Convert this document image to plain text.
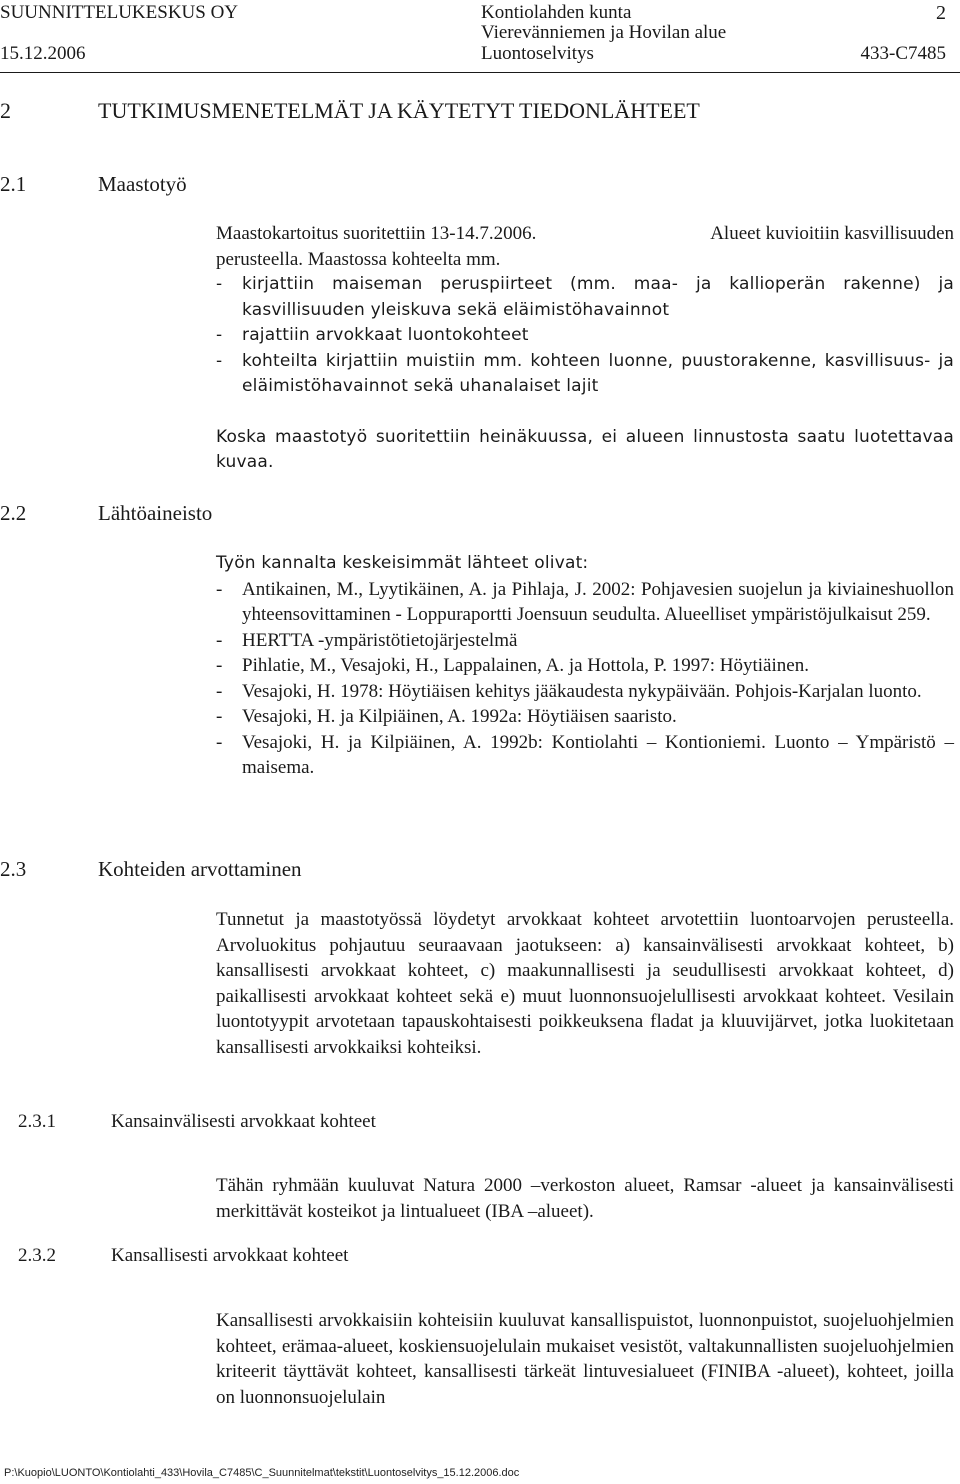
SUUNNITTELUKESKUS OY
15.12.2006
Kontiolahden kunta
Vierevänniemen ja Hovilan alue
Luontoselvitys
2
433-C7485
2	TUTKIMUSMENETELMÄT JA KÄYTETYT TIEDONLÄHTEET
2.1	Maastotyö
Maastokartoitus suoritettiin 13-14.7.2006.	Alueet kuvioitiin kasvillisuuden

perusteella. Maastossa kohteelta mm.

- kirjattiin maiseman peruspiirteet (mm. maa- ja kallioperän rakenne) ja kasvillisuuden yleiskuva sekä eläimistöhavainnot

- rajattiin arvokkaat luontokohteet

- kohteilta kirjattiin muistiin mm. kohteen luonne, puustorakenne, kasvillisuus- ja eläimistöhavainnot sekä uhanalaiset lajit

Koska maastotyö suoritettiin heinäkuussa, ei alueen linnustosta saatu luotettavaa kuvaa.

2.2	Lähtöaineisto

Työn kannalta keskeisimmät lähteet olivat:

- Antikainen, M., Lyytikäinen, A. ja Pihlaja, J. 2002: Pohjavesien suojelun ja kiviaineshuollon yhteensovittaminen - Loppuraportti Joensuun seudulta. Alueelliset ympäristöjulkaisut 259.

- HERTTA -ympäristötietojärjestelmä

- Pihlatie, M., Vesajoki, H., Lappalainen, A. ja Hottola, P. 1997: Höytiäinen.

- Vesajoki, H. 1978: Höytiäisen kehitys jääkaudesta nykypäivään. Pohjois-Karjalan luonto.

- Vesajoki, H. ja Kilpiäinen, A. 1992a: Höytiäisen saaristo.

- Vesajoki, H. ja Kilpiäinen, A. 1992b: Kontiolahti – Kontioniemi. Luonto – Ympäristö – maisema.

2.3	Kohteiden arvottaminen

Tunnetut ja maastotyössä löydetyt arvokkaat kohteet arvotettiin luontoarvojen perusteella. Arvoluokitus pohjautuu seuraavaan jaotukseen: a) kansainvälisesti arvokkaat kohteet, b) kansallisesti arvokkaat kohteet, c) maakunnallisesti ja seudullisesti arvokkaat kohteet, d) paikallisesti arvokkaat kohteet sekä e) muut luonnonsuojelullisesti arvokkaat kohteet. Vesilain luontotyypit arvotetaan tapauskohtaisesti poikkeuksena fladat ja kluuvijärvet, jotka luokitetaan kansallisesti arvokkaiksi kohteiksi.

2.3.1	Kansainvälisesti arvokkaat kohteet

Tähän ryhmään kuuluvat Natura 2000 –verkoston alueet, Ramsar -alueet ja kansainvälisesti merkittävät kosteikot ja lintualueet (IBA –alueet).

2.3.2	Kansallisesti arvokkaat kohteet

Kansallisesti arvokkaisiin kohteisiin kuuluvat kansallispuistot, luonnonpuistot, suojeluohjelmien kohteet, erämaa-alueet, koskiensuojelulain mukaiset vesistöt, valtakunnallisten suojeluohjelmien kriteerit täyttävät kohteet, kansallisesti tärkeät lintuvesialueet (FINIBA -alueet), kohteet, joilla on luonnonsuojelulain

P:\Kuopio\LUONTO\Kontiolahti_433\Hovila_C7485\C_Suunnitelmat\tekstit\Luontoselvitys_15.12.2006.doc
